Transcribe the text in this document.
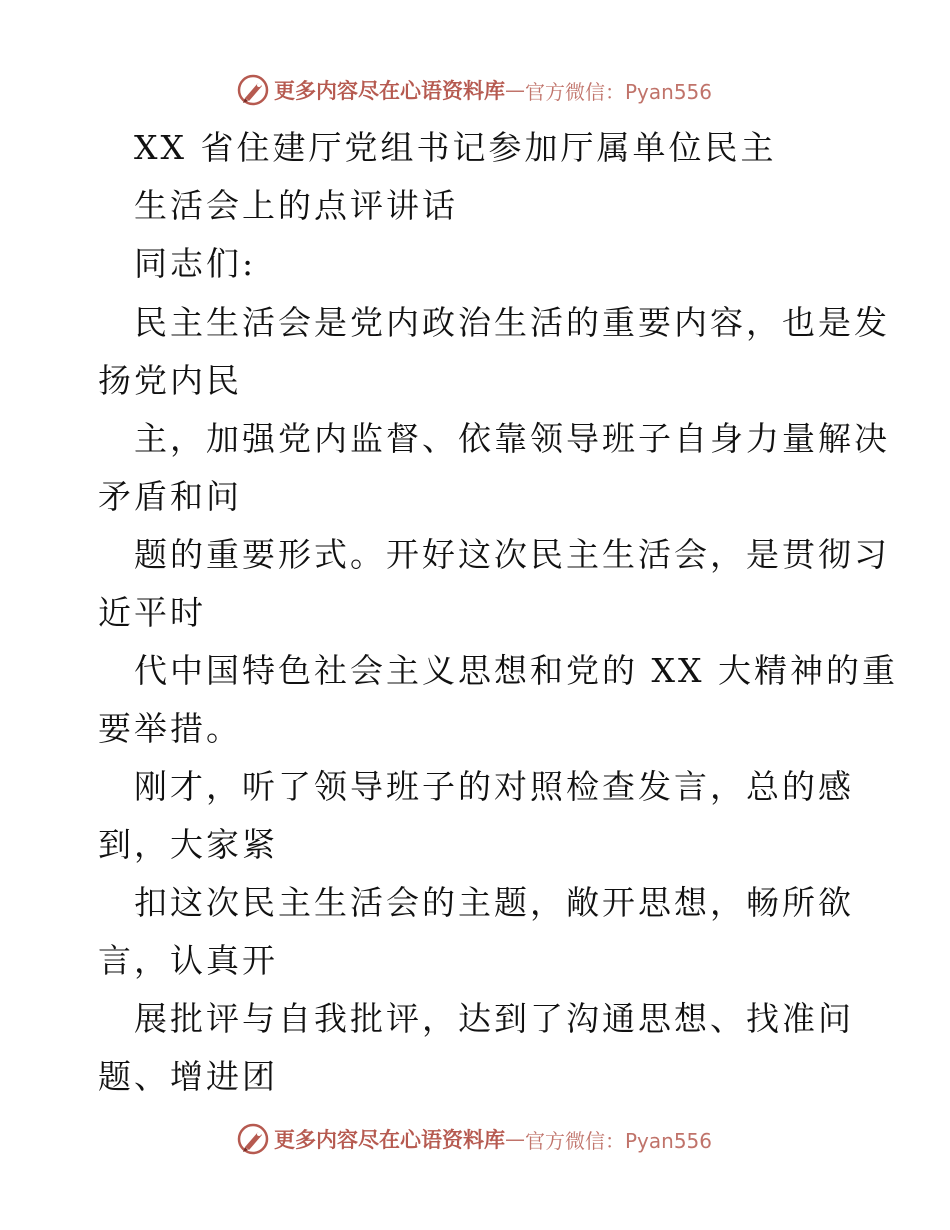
更多内容尽在心语资料库 — 官方微信：Pyan556
XX 省住建厅党组书记参加厅属单位民主
生活会上的点评讲话
同志们:
民主生活会是党内政治生活的重要内容，也是发
扬党内民
主，加强党内监督、依靠领导班子自身力量解决
矛盾和问
题的重要形式。开好这次民主生活会，是贯彻习
近平时
代中国特色社会主义思想和党的 XX 大精神的重
要举措。
刚才，听了领导班子的对照检查发言，总的感
到，大家紧
扣这次民主生活会的主题，敞开思想，畅所欲
言，认真开
展批评与自我批评，达到了沟通思想、找准问
题、增进团
更多内容尽在心语资料库 — 官方微信：Pyan556
